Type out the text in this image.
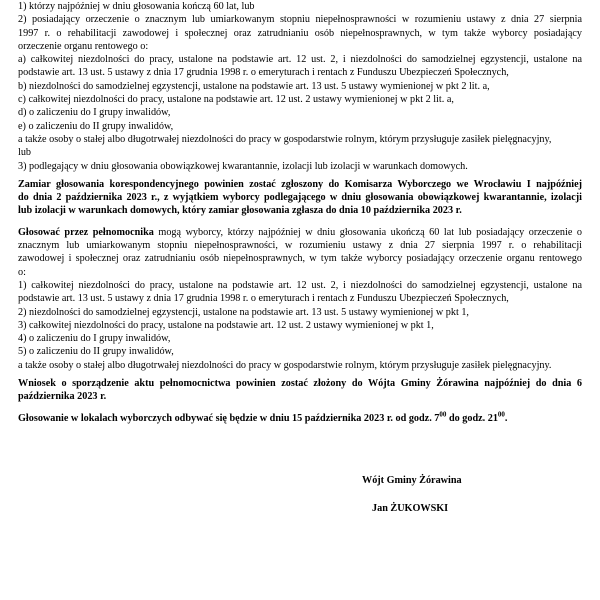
1) którzy najpóźniej w dniu głosowania kończą 60 lat, lub
2) posiadający orzeczenie o znacznym lub umiarkowanym stopniu niepełnosprawności w rozumieniu ustawy z dnia 27 sierpnia
1997 r. o rehabilitacji zawodowej i społecznej oraz zatrudnianiu osób niepełnosprawnych, w tym także wyborcy posiadający
orzeczenie organu rentowego o:
a) całkowitej niezdolności do pracy, ustalone na podstawie art. 12 ust. 2, i niezdolności do samodzielnej egzystencji, ustalone na
podstawie art. 13 ust. 5 ustawy z dnia 17 grudnia 1998 r. o emeryturach i rentach z Funduszu Ubezpieczeń Społecznych,
b) niezdolności do samodzielnej egzystencji, ustalone na podstawie art. 13 ust. 5 ustawy wymienionej w pkt 2 lit. a,
c) całkowitej niezdolności do pracy, ustalone na podstawie art. 12 ust. 2 ustawy wymienionej w pkt 2 lit. a,
d) o zaliczeniu do I grupy inwalidów,
e) o zaliczeniu do II grupy inwalidów,
a także osoby o stałej albo długotrwałej niezdolności do pracy w gospodarstwie rolnym, którym przysługuje zasiłek pielęgnacyjny,
lub
3) podlegający w dniu głosowania obowiązkowej kwarantannie, izolacji lub izolacji w warunkach domowych.
Zamiar głosowania korespondencyjnego powinien zostać zgłoszony do Komisarza Wyborczego we Wrocławiu I najpóźniej
do dnia 2 października 2023 r., z wyjątkiem wyborcy podlegającego w dniu głosowania obowiązkowej kwarantannie, izolacji
lub izolacji w warunkach domowych, który zamiar głosowania zgłasza do dnia 10 października 2023 r.
Głosować przez pełnomocnika mogą wyborcy, którzy najpóźniej w dniu głosowania ukończą 60 lat lub posiadający orzeczenie o
znacznym lub umiarkowanym stopniu niepełnosprawności, w rozumieniu ustawy z dnia 27 sierpnia 1997 r. o rehabilitacji
zawodowej i społecznej oraz zatrudnianiu osób niepełnosprawnych, w tym także wyborcy posiadający orzeczenie organu rentowego
o:
1) całkowitej niezdolności do pracy, ustalone na podstawie art. 12 ust. 2, i niezdolności do samodzielnej egzystencji, ustalone na
podstawie art. 13 ust. 5 ustawy z dnia 17 grudnia 1998 r. o emeryturach i rentach z Funduszu Ubezpieczeń Społecznych,
2) niezdolności do samodzielnej egzystencji, ustalone na podstawie art. 13 ust. 5 ustawy wymienionej w pkt 1,
3) całkowitej niezdolności do pracy, ustalone na podstawie art. 12 ust. 2 ustawy wymienionej w pkt 1,
4) o zaliczeniu do I grupy inwalidów,
5) o zaliczeniu do II grupy inwalidów,
a także osoby o stałej albo długotrwałej niezdolności do pracy w gospodarstwie rolnym, którym przysługuje zasiłek pielęgnacyjny.
Wniosek o sporządzenie aktu pełnomocnictwa powinien zostać złożony do Wójta Gminy Żórawina najpóźniej do dnia 6
października 2023 r.
Głosowanie w lokalach wyborczych odbywać się będzie w dniu 15 października 2023 r. od godz. $7^{00}$ do godz. $21^{00}$.
Wójt Gminy Żórawina
Jan ŻUKOWSKI
